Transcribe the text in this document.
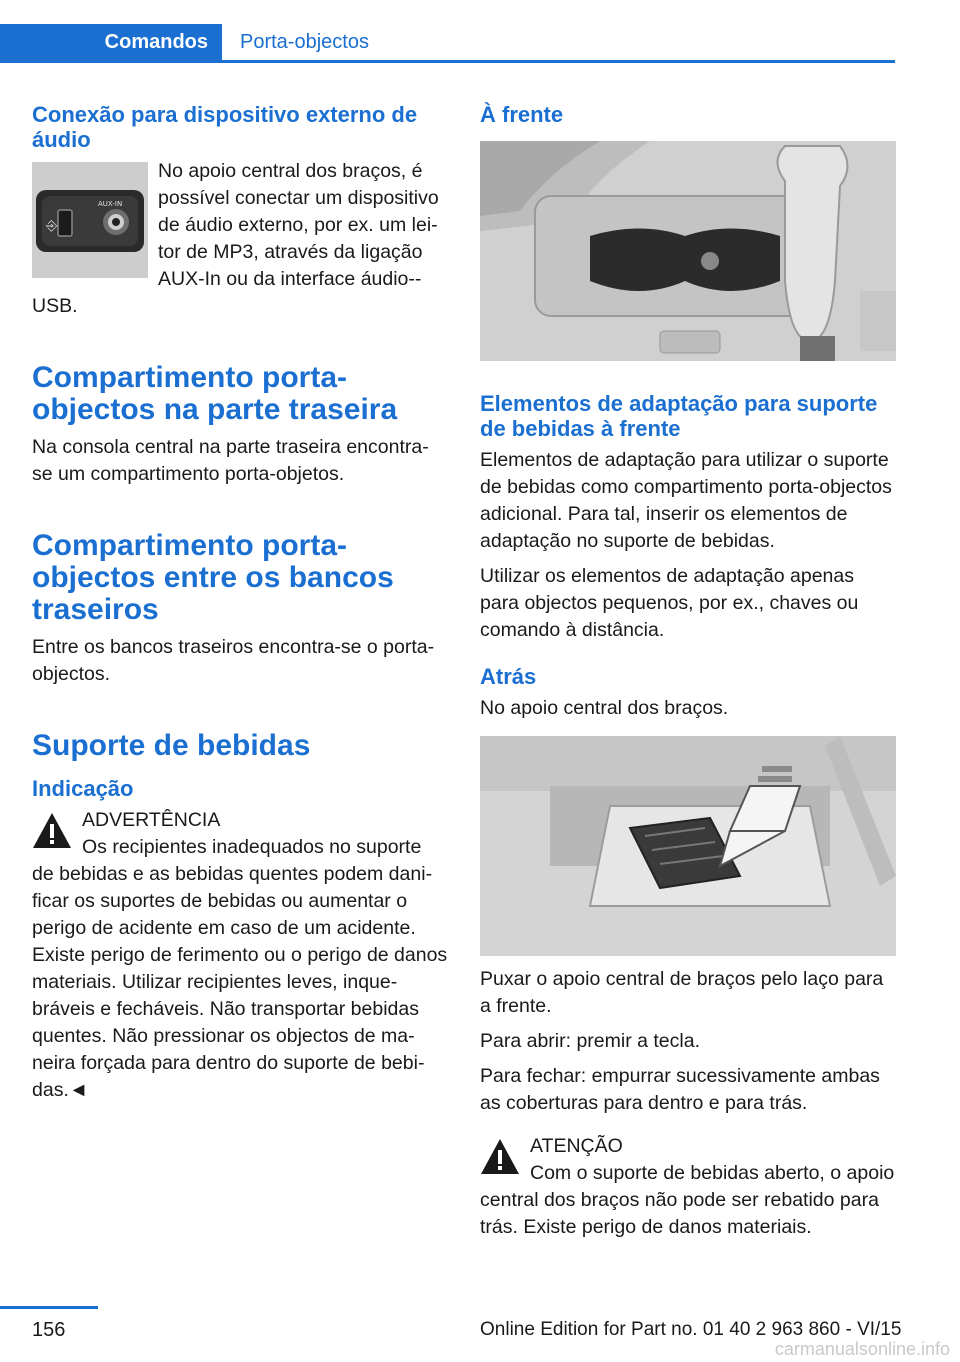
Comandos	Porta-objectos
Conexão para dispositivo externo de áudio
⎆
AUX-IN

No apoio central dos braços, é possível conectar um dispositivo de áudio externo, por ex. um leitor de MP3, através da ligação AUX-In ou da interface áudio-USB.

Compartimento porta-objectos na parte traseira

Na consola central na parte traseira encontra-se um compartimento porta-objetos.

Compartimento porta-objectos entre os bancos traseiros

Entre os bancos traseiros encontra-se o porta-objectos.

Suporte de bebidas
Indicação

ADVERTÊNCIA
Os recipientes inadequados no suporte de bebidas e as bebidas quentes podem danificar os suportes de bebidas ou aumentar o perigo de acidente em caso de um acidente. Existe perigo de ferimento ou o perigo de danos materiais. Utilizar recipientes leves, inquebráveis e fecháveis. Não transportar bebidas quentes. Não pressionar os objectos de maneira forçada para dentro do suporte de bebidas.◄

À frente
Elementos de adaptação para suporte de bebidas à frente

Elementos de adaptação para utilizar o suporte de bebidas como compartimento porta-objectos adicional. Para tal, inserir os elementos de adaptação no suporte de bebidas.

Utilizar os elementos de adaptação apenas para objectos pequenos, por ex., chaves ou comando à distância.

Atrás

No apoio central dos braços.

Puxar o apoio central de braços pelo laço para a frente.

Para abrir: premir a tecla.

Para fechar: empurrar sucessivamente ambas as coberturas para dentro e para trás.

ATENÇÃO
Com o suporte de bebidas aberto, o apoio central dos braços não pode ser rebatido para trás. Existe perigo de danos materiais.

156	Online Edition for Part no. 01 40 2 963 860 - VI/15
carmanualsonline.info
